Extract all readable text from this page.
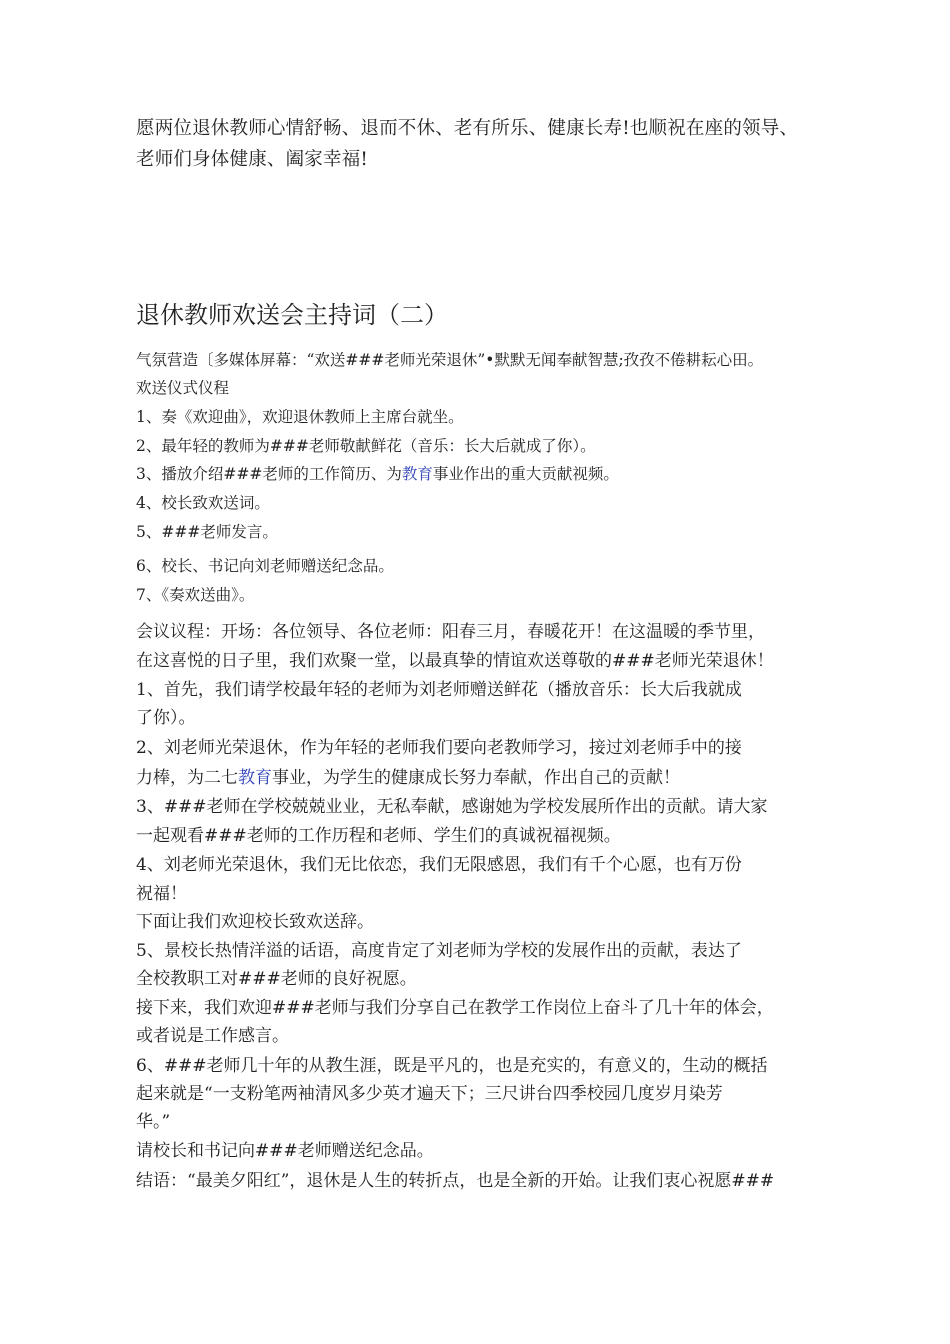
愿两位退休教师心情舒畅、退而不休、老有所乐、健康长寿!也顺祝在座的领导、
老师们身体健康、阖家幸福!
退休教师欢送会主持词（二）
气氛营造〔多媒体屏幕：“欢送###老师光荣退休”•默默无闻奉献智慧;孜孜不倦耕耘心田。
欢送仪式仪程
1、奏《欢迎曲》，欢迎退休教师上主席台就坐。
2、最年轻的教师为###老师敬献鲜花（音乐：长大后就成了你）。
3、播放介绍###老师的工作简历、为教育事业作出的重大贡献视频。
4、校长致欢送词。
5、###老师发言。
6、校长、书记向刘老师赠送纪念品。
7、《奏欢送曲》。
会议议程：开场：各位领导、各位老师：阳春三月，春暖花开！在这温暖的季节里，
在这喜悦的日子里，我们欢聚一堂，以最真挚的情谊欢送尊敬的###老师光荣退休！
1、首先，我们请学校最年轻的老师为刘老师赠送鲜花（播放音乐：长大后我就成
了你）。
2、刘老师光荣退休，作为年轻的老师我们要向老教师学习，接过刘老师手中的接
力棒，为二七教育事业，为学生的健康成长努力奉献，作出自己的贡献！
3、###老师在学校兢兢业业，无私奉献，感谢她为学校发展所作出的贡献。请大家
一起观看###老师的工作历程和老师、学生们的真诚祝福视频。
4、刘老师光荣退休，我们无比依恋，我们无限感恩，我们有千个心愿，也有万份
祝福！
下面让我们欢迎校长致欢送辞。
5、景校长热情洋溢的话语，高度肯定了刘老师为学校的发展作出的贡献，表达了
全校教职工对###老师的良好祝愿。
接下来，我们欢迎###老师与我们分享自己在教学工作岗位上奋斗了几十年的体会，
或者说是工作感言。
6、###老师几十年的从教生涯，既是平凡的，也是充实的，有意义的，生动的概括
起来就是“一支粉笔两袖清风多少英才遍天下；三尺讲台四季校园几度岁月染芳
华。”
请校长和书记向###老师赠送纪念品。
结语：“最美夕阳红”，退休是人生的转折点，也是全新的开始。让我们衷心祝愿###
